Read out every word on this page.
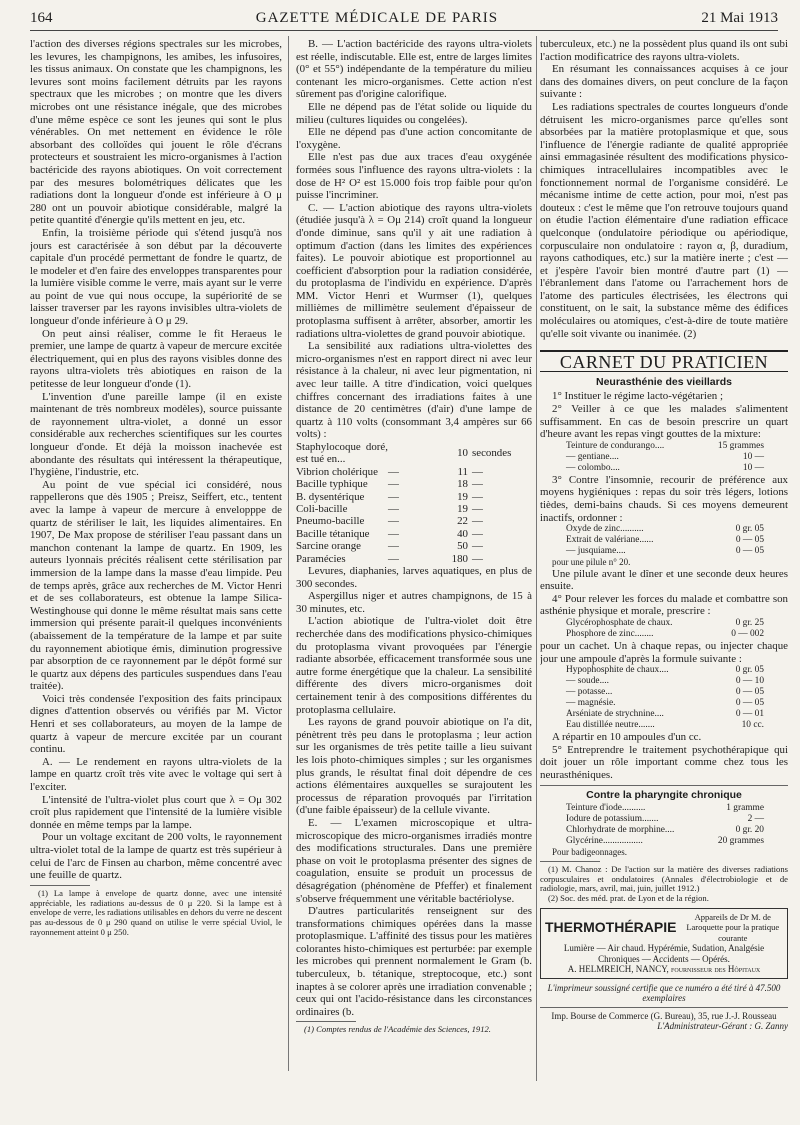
164	GAZETTE MÉDICALE DE PARIS	21 Mai 1913

l'action des diverses régions spectrales sur les microbes, les levures, les champignons, les amibes, les infusoires, les tissus animaux. On constate que les champignons, les levures sont moins facilement détruits par les rayons spectraux que les microbes ; on montre que les divers microbes ont une résistance inégale, que des microbes d'une même espèce ce sont les jeunes qui sont le plus vénérables. On met nettement en évidence le rôle absorbant des colloïdes qui jouent le rôle d'écrans protecteurs et soustraient les micro-organismes à l'action bactéricide des rayons abiotiques. On voit correctement par des mesures bolométriques délicates que les radiations dont la longueur d'onde est inférieure à O μ 280 ont un pouvoir abiotique considérable, malgré la petite quantité d'énergie qu'ils mettent en jeu, etc.

Enfin, la troisième période qui s'étend jusqu'à nos jours est caractérisée à son début par la découverte capitale d'un procédé permettant de fondre le quartz, de le modeler et d'en faire des enveloppes transparentes pour la lumière visible comme le verre, mais ayant sur le verre au point de vue qui nous occupe, la supériorité de se laisser traverser par les rayons invisibles ultra-violets de longueur d'onde inférieure à O μ 29.

On peut ainsi réaliser, comme le fit Heraeus le premier, une lampe de quartz à vapeur de mercure excitée électriquement, qui en plus des rayons visibles donne des rayons ultra-violets très abiotiques en raison de la petitesse de leur longueur d'onde (1).

L'invention d'une pareille lampe (il en existe maintenant de très nombreux modèles), source puissante de rayonnement ultra-violet, a donné un essor considérable aux recherches scientifiques sur les courtes longueur d'onde. Et déjà la moisson inachevée est abondante des résultats qui intéressent la thérapeutique, l'hygiène, l'industrie, etc.

Au point de vue spécial ici considéré, nous rappellerons que dès 1905 ; Preisz, Seiffert, etc., tentent avec la lampe à vapeur de mercure à envelopppe de quartz de stériliser le lait, les liquides alimentaires. En 1907, De Max propose de stériliser l'eau passant dans un manchon contenant la lampe de quartz. En 1909, les auteurs lyonnais précités réalisent cette stérilisation par immersion de la lampe dans la masse d'eau limpide. Peu de temps après, grâce aux recherches de M. Victor Henri et de ses collaborateurs, est obtenue la lampe Silica-Westinghouse qui donne le même résultat mais sans cette immersion qui présente parait-il quelques inconvénients (abaissement de la température de la lampe et par suite du rayonnement abiotique émis, diminution progressive par absorption de ce rayonnement par le dépôt formé sur le quartz aux dépens des particules suspendues dans l'eau traitée).

Voici très condensée l'exposition des faits principaux dignes d'attention observés ou vérifiés par M. Victor Henri et ses collaborateurs, au moyen de la lampe de quartz à vapeur de mercure excitée par un courant continu.

A. — Le rendement en rayons ultra-violets de la lampe en quartz croît très vite avec le voltage qui sert à l'exciter.

L'intensité de l'ultra-violet plus court que λ = Oμ 302 croît plus rapidement que l'intensité de la lumière visible donnée en même temps par la lampe.

Pour un voltage excitant de 200 volts, le rayonnement ultra-violet total de la lampe de quartz est très supérieur à celui de l'arc de Finsen au charbon, même concentré avec une feuille de quartz.

(1) La lampe à envelope de quartz donne, avec une intensité appréciable, les radiations au-dessus de 0 μ 220. Si la lampe est à envelope de verre, les radiations utilisables en dehors du verre ne descent pas au-dessous de 0 μ 290 quand on utilise le verre spécial Uviol, le rayonnement atteint 0 μ 250.

B. — L'action bactéricide des rayons ultra-violets est réelle, indiscutable. Elle est, entre de larges limites (0° et 55°) indépendante de la température du milieu contenant les micro-organismes. Cette action n'est sûrement pas d'origine calorifique.

Elle ne dépend pas de l'état solide ou liquide du milieu (cultures liquides ou congelées).

Elle ne dépend pas d'une action concomitante de l'oxygène.

Elle n'est pas due aux traces d'eau oxygénée formées sous l'influence des rayons ultra-violets : la dose de H² O² est 15.000 fois trop faible pour qu'on puisse l'incriminer.

C. — L'action abiotique des rayons ultra-violets (étudiée jusqu'à λ = Oμ 214) croît quand la longueur d'onde diminue, sans qu'il y ait une radiation à optimum d'action (dans les limites des expériences faites). Le pouvoir abiotique est proportionnel au coefficient d'absorption pour la radiation considérée, du protoplasma de l'individu en expérience. D'après MM. Victor Henri et Wurmser (1), quelques millièmes de millimètre seulement d'épaisseur de protoplasma suffisent à arrêter, absorber, amortir les radiations ultra-violettes de grand pouvoir abiotique.

La sensibilité aux radiations ultra-violettes des micro-organismes n'est en rapport direct ni avec leur résistance à la chaleur, ni avec leur pigmentation, ni avec leur taille. A titre d'indication, voici quelques chiffres concernant des irradiations faites à une distance de 20 centimètres (d'air) d'une lampe de quartz à 110 volts (consommant 3,4 ampères sur 66 volts) :

Staphylocoque doré, est tué en...		10	secondes
Vibrion cholérique	—	11	—
Bacille typhique	—	18	—
B. dysentérique	—	19	—
Coli-bacille	—	19	—
Pneumo-bacille	—	22	—
Bacille tétanique	—	40	—
Sarcine orange	—	50	—
Paramécies	—	180	—

Levures, diaphanies, larves aquatiques, en plus de 300 secondes.

Aspergillus niger et autres champignons, de 15 à 30 minutes, etc.

L'action abiotique de l'ultra-violet doit être recherchée dans des modifications physico-chimiques du protoplasma vivant provoquées par l'énergie radiante absorbée, efficacement transformée sous une autre forme énergétique que la chaleur. La sensibilité différente des divers micro-organismes doit certainement tenir à des compositions différentes du protoplasma cellulaire.

Les rayons de grand pouvoir abiotique on l'a dit, pénètrent très peu dans le protoplasma ; leur action sur les organismes de très petite taille a lieu suivant les lois photo-chimiques simples ; sur les organismes plus grands, le résultat final doit dépendre de ces actions élémentaires auxquelles se surajoutent les processus de réparation provoqués par l'irritation (d'une faible épaisseur) de la cellule vivante.

E. — L'examen microscopique et ultra-microscopique des micro-organismes irradiés montre des modifications structurales. Dans une première phase on voit le protoplasma présenter des signes de coagulation, ensuite se produit un processus de désagrégation (phénomène de Pfeffer) et finalement s'observe fréquemment une véritable bactériolyse.

D'autres particularités renseignent sur des transformations chimiques opérées dans la masse protoplasmique. L'affinité des tissus pour les matières colorantes histo-chimiques est perturbée: par exemple les microbes qui prennent normalement le Gram (b. tuberculeux, b. tétanique, streptocoque, etc.) sont inaptes à se colorer après une irradiation convenable ; ceux qui ont l'acido-résistance dans les circonstances ordinaires (b.

(1) Comptes rendus de l'Académie des Sciences, 1912.

tuberculeux, etc.) ne la possèdent plus quand ils ont subi l'action modificatrice des rayons ultra-violets.

En résumant les connaissances acquises à ce jour dans des domaines divers, on peut conclure de la façon suivante :

Les radiations spectrales de courtes longueurs d'onde détruisent les micro-organismes parce qu'elles sont absorbées par la matière protoplasmique et que, sous l'influence de l'énergie radiante de qualité appropriée ainsi emmagasinée résultent des modifications physico-chimiques intracellulaires incompatibles avec le fonctionnement normal de l'organisme considéré. Le mécanisme intime de cette action, pour moi, n'est pas douteux : c'est le même que l'on retrouve toujours quand on étudie l'action élémentaire d'une radiation efficace quelconque (ondulatoire périodique ou apériodique, corpusculaire non ondulatoire : rayon α, β, duradium, rayons cathodiques, etc.) sur la matière inerte ; c'est — et j'espère l'avoir bien montré d'autre part (1) — l'ébranlement dans l'atome ou l'arrachement hors de l'atome des particules électrisées, les électrons qui constituent, on le sait, la substance même des édifices moléculaires ou atomiques, c'est-à-dire de toute matière qu'elle soit vivante ou inanimée. (2)

CARNET DU PRATICIEN
Neurasthénie des vieillards

1° Instituer le régime lacto-végétarien ;

2° Veiller à ce que les malades s'alimentent suffisamment. En cas de besoin prescrire un quart d'heure avant les repas vingt gouttes de la mixture:

Teinture de condurango....	15 grammes
— gentiane....	10 —
— colombo....	10 —

3° Contre l'insomnie, recourir de préférence aux moyens hygiéniques : repas du soir très légers, lotions tièdes, demi-bains chauds. Si ces moyens demeurent inactifs, ordonner :

Oxyde de zinc..........	0 gr. 05
Extrait de valériane......	0 — 05
— jusquiame....	0 — 05
pour une pilule n° 20.

Une pilule avant le dîner et une seconde deux heures ensuite.

4° Pour relever les forces du malade et combattre son asthénie physique et morale, prescrire :

Glycérophosphate de chaux.	0 gr. 25
Phosphore de zinc........	0 — 002

pour un cachet. Un à chaque repas, ou injecter chaque jour une ampoule d'après la formule suivante :

Hypophosphite de chaux....	0 gr. 05
— soude....	0 — 10
— potasse...	0 — 05
— magnésie.	0 — 05
Arséniate de strychnine....	0 — 01
Eau distillée neutre.......	10 cc.

A répartir en 10 ampoules d'un cc.

5° Entreprendre le traitement psychothérapique qui doit jouer un rôle important comme chez tous les neurasthéniques.

Contre la pharyngite chronique
Teinture d'iode..........	1 gramme
Iodure de potassium.......	2 —
Chlorhydrate de morphine....	0 gr. 20
Glycérine.................	20 grammes
Pour badigeonnages.

(1) M. Chanoz : De l'action sur la matière des diverses radiations corpusculaires et ondulatoires (Annales d'électrobiologie et de radiologie, mars, avril, mai, juin, juillet 1912.)

(2) Soc. des méd. prat. de Lyon et de la région.

THERMOTHÉRAPIE
Appareils de Dr M. de Laroquette pour la pratique courante
Lumière — Air chaud. Hypérémie, Sudation, Analgésie Chroniques — Accidents — Opérés.
A. HELMREICH, NANCY, fournisseur des Hôpitaux
L'imprimeur soussigné certifie que ce numéro a été tiré à 47.500 exemplaires
Imp. Bourse de Commerce (G. Bureau), 35, rue J.-J. Rousseau
L'Administrateur-Gérant : G. Zanny
